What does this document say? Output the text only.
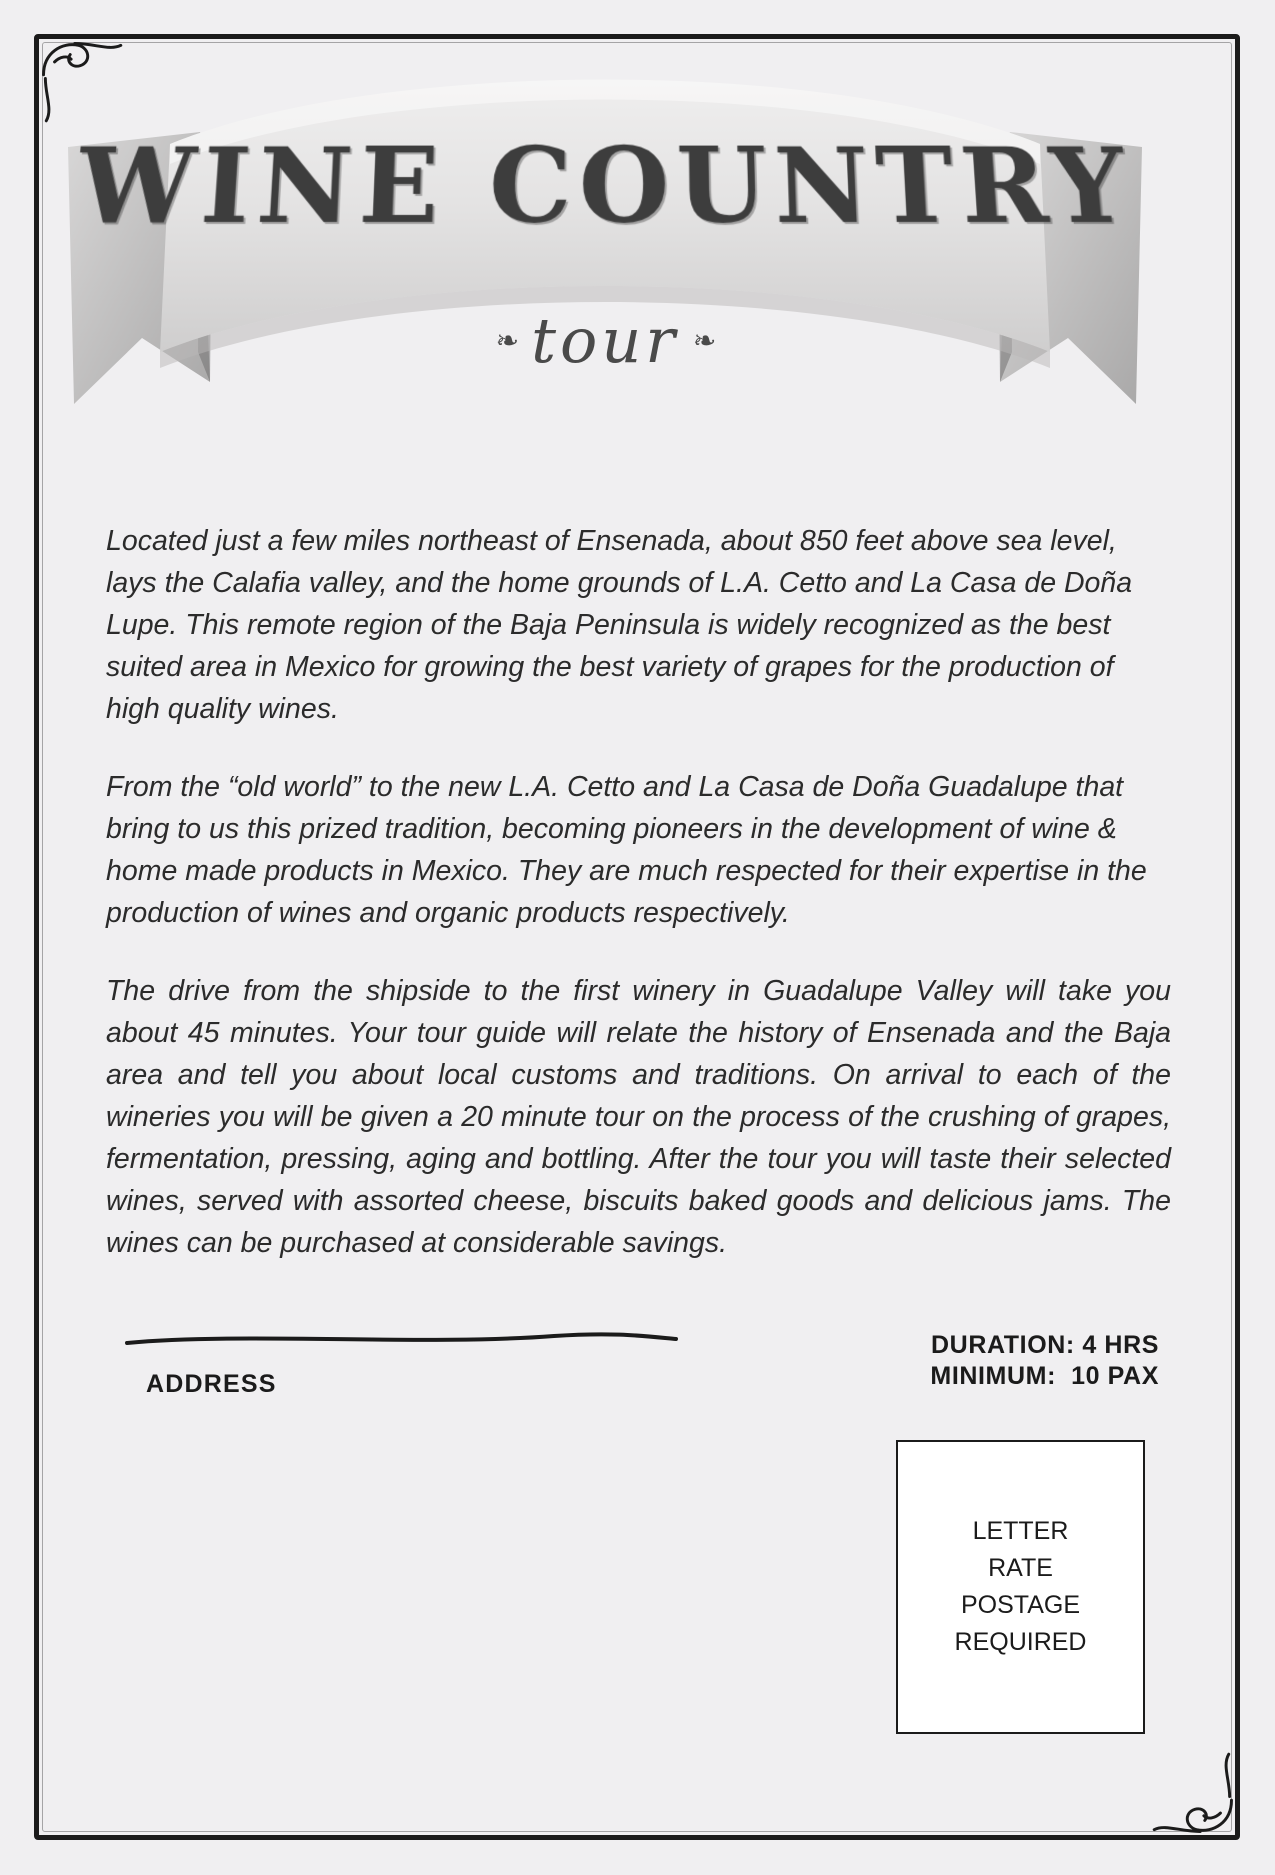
WINE COUNTRY
❧ tour ❧

Located just a few miles northeast of Ensenada, about 850 feet above sea level, lays the Calafia valley, and the home grounds of L.A. Cetto and La Casa de Doña Lupe. This remote region of the Baja Peninsula is widely recognized as the best suited area in Mexico for growing the best variety of grapes for the production of high quality wines.

From the “old world” to the new L.A. Cetto and La Casa de Doña Guadalupe that bring to us this prized tradition, becoming pioneers in the development of wine & home made products in Mexico. They are much respected for their expertise in the production of wines and organic products respectively.

The drive from the shipside to the first winery in Guadalupe Valley will take you about 45 minutes. Your tour guide will relate the history of Ensenada and the Baja area and tell you about local customs and traditions. On arrival to each of the wineries you will be given a 20 minute tour on the process of the crushing of grapes, fermentation, pressing, aging and bottling. After the tour you will taste their selected wines, served with assorted cheese, biscuits baked goods and delicious jams. The wines can be purchased at considerable savings.

ADDRESS
DURATION: 4 HRS
MINIMUM:  10 PAX
LETTER
RATE
POSTAGE
REQUIRED
